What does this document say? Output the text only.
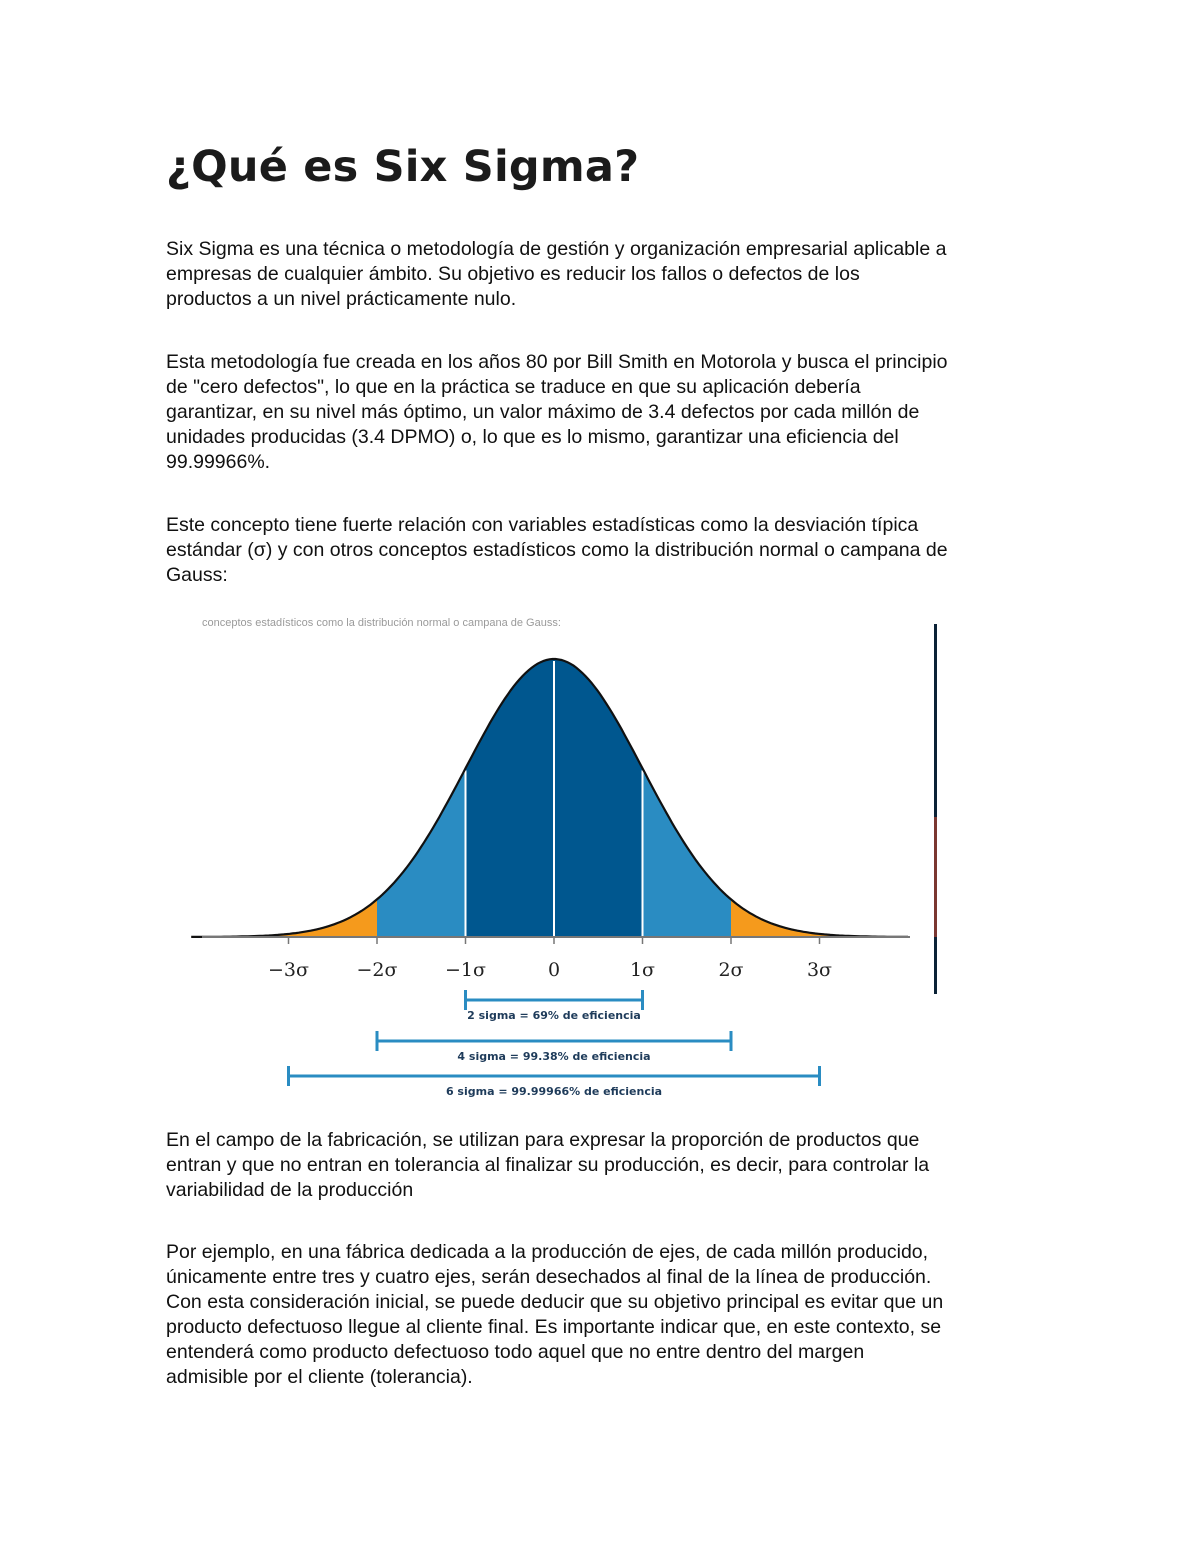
¿Qué es Six Sigma?
Six Sigma es una técnica o metodología de gestión y organización empresarial aplicable a
empresas de cualquier ámbito. Su objetivo es reducir los fallos o defectos de los
productos a un nivel prácticamente nulo.
Esta metodología fue creada en los años 80 por Bill Smith en Motorola y busca el principio
de "cero defectos", lo que en la práctica se traduce en que su aplicación debería
garantizar, en su nivel más óptimo, un valor máximo de 3.4 defectos por cada millón de
unidades producidas (3.4 DPMO) o, lo que es lo mismo, garantizar una eficiencia del
99.99966%.
Este concepto tiene fuerte relación con variables estadísticas como la desviación típica
estándar (σ) y con otros conceptos estadísticos como la distribución normal o campana de
Gauss:
conceptos estadísticos como la distribución normal o campana de Gauss:
−3σ	−2σ	−1σ	0	1σ	2σ	3σ
2 sigma = 69% de eficiencia
4 sigma = 99.38% de eficiencia
6 sigma = 99.99966% de eficiencia
En el campo de la fabricación, se utilizan para expresar la proporción de productos que
entran y que no entran en tolerancia al finalizar su producción, es decir, para controlar la
variabilidad de la producción
Por ejemplo, en una fábrica dedicada a la producción de ejes, de cada millón producido,
únicamente entre tres y cuatro ejes, serán desechados al final de la línea de producción.
Con esta consideración inicial, se puede deducir que su objetivo principal es evitar que un
producto defectuoso llegue al cliente final. Es importante indicar que, en este contexto, se
entenderá como producto defectuoso todo aquel que no entre dentro del margen
admisible por el cliente (tolerancia).
